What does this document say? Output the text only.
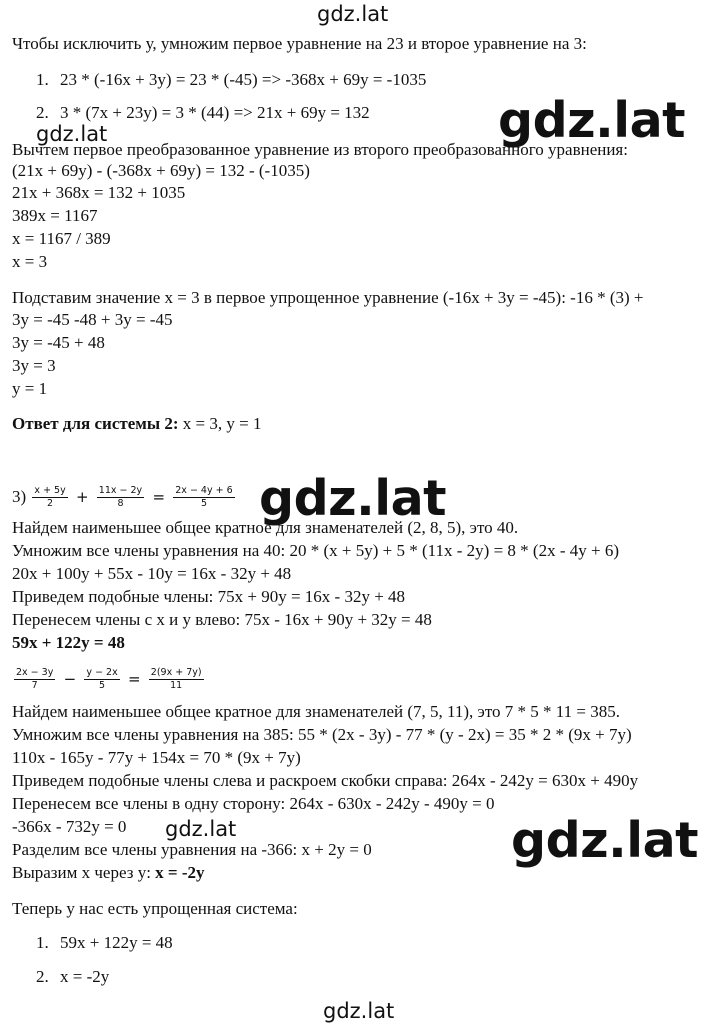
gdz.lat
gdz.lat
gdz.lat
gdz.lat	gdz.lat
gdz.lat
Чтобы исключить у, умножим первое уравнение на 23 и второе уравнение на 3:
1. 23 * (-16x + 3y) = 23 * (-45) => -368x + 69y = -1035
2. 3 * (7x + 23y) = 3 * (44) => 21x + 69y = 132
gdz.lat
Вычтем первое преобразованное уравнение из второго преобразованного уравнения:
(21x + 69y) - (-368x + 69y) = 132 - (-1035)
21x + 368x = 132 + 1035
389x = 1167
x = 1167 / 389
x = 3
Подставим значение x = 3 в первое упрощенное уравнение (-16x + 3y = -45): -16 * (3) +
3y = -45 -48 + 3y = -45
3y = -45 + 48
3y = 3
y = 1
Ответ для системы 2: x = 3, y = 1
$3) \frac{x + 5y}{2} + \frac{11x - 2y}{8} = \frac{2x - 4y + 6}{5}$
Найдем наименьшее общее кратное для знаменателей (2, 8, 5), это 40.
Умножим все члены уравнения на 40: 20 * (x + 5y) + 5 * (11x - 2y) = 8 * (2x - 4y + 6)
20x + 100y + 55x - 10y = 16x - 32y + 48
Приведем подобные члены: 75x + 90y = 16x - 32y + 48
Перенесем члены с x и y влево: 75x - 16x + 90y + 32y = 48
59x + 122y = 48
$\frac{2x - 3y}{7} - \frac{y - 2x}{5} = \frac{2(9x + 7y)}{11}$
Найдем наименьшее общее кратное для знаменателей (7, 5, 11), это 7 * 5 * 11 = 385.
Умножим все члены уравнения на 385: 55 * (2x - 3y) - 77 * (y - 2x) = 35 * 2 * (9x + 7y)
110x - 165y - 77y + 154x = 70 * (9x + 7y)
Приведем подобные члены слева и раскроем скобки справа: 264x - 242y = 630x + 490y
Перенесем все члены в одну сторону: 264x - 630x - 242y - 490y = 0
-366x - 732y = 0
Разделим все члены уравнения на -366: x + 2y = 0
Выразим x через y: x = -2y
Теперь у нас есть упрощенная система:
1. 59x + 122y = 48
2. x = -2y
